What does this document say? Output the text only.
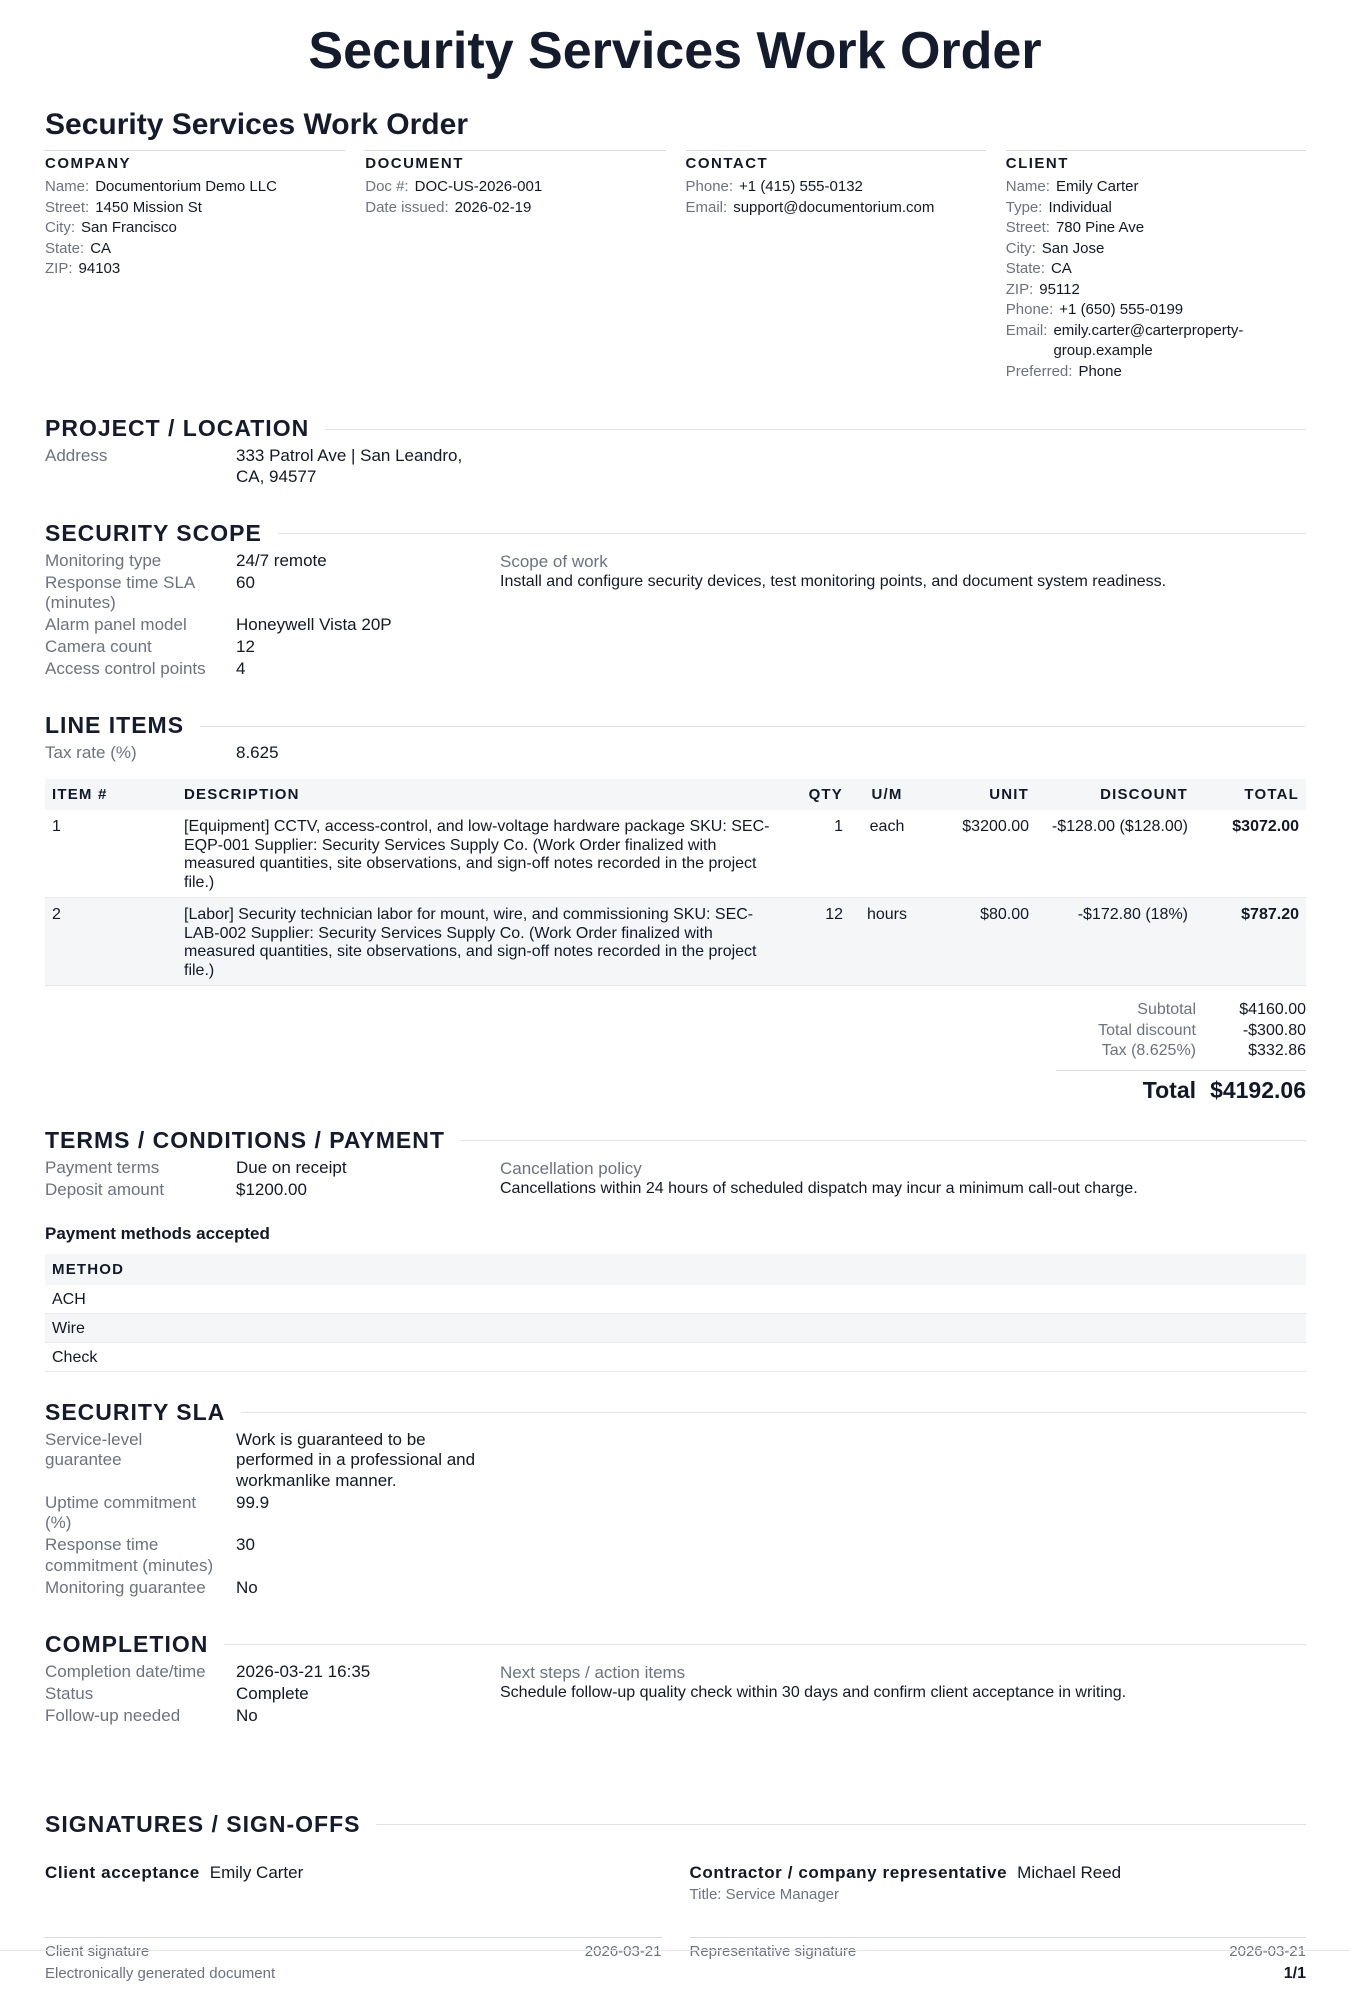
Security Services Work Order
Security Services Work Order
COMPANY
Name: Documentorium Demo LLC
Street: 1450 Mission St
City: San Francisco
State: CA
ZIP: 94103
DOCUMENT
Doc #: DOC-US-2026-001
Date issued: 2026-02-19
CONTACT
Phone: +1 (415) 555-0132
Email: support@documentorium.com
CLIENT
Name: Emily Carter
Type: Individual
Street: 780 Pine Ave
City: San Jose
State: CA
ZIP: 95112
Phone: +1 (650) 555-0199
Email: emily.carter@carterproperty-group.example
Preferred: Phone
PROJECT / LOCATION
Address	333 Patrol Ave | San Leandro, CA, 94577
SECURITY SCOPE
Monitoring type	24/7 remote
Response time SLA (minutes)
60
Alarm panel model	Honeywell Vista 20P
Camera count	12
Access control points	4
Scope of work
Install and configure security devices, test monitoring points, and document system readiness.
LINE ITEMS
Tax rate (%)	8.625
ITEM #	DESCRIPTION	QTY	U/M	UNIT	DISCOUNT	TOTAL
1	[Equipment] CCTV, access-control, and low-voltage hardware package SKU: SEC-EQP-001 Supplier: Security Services Supply Co. (Work Order finalized with measured quantities, site observations, and sign-off notes recorded in the project file.)	1	each	$3200.00	-$128.00 ($128.00)	$3072.00
2	[Labor] Security technician labor for mount, wire, and commissioning SKU: SEC-LAB-002 Supplier: Security Services Supply Co. (Work Order finalized with measured quantities, site observations, and sign-off notes recorded in the project file.)	12	hours	$80.00	-$172.80 (18%)	$787.20
Subtotal	$4160.00
Total discount	-$300.80
Tax (8.625%)	$332.86
Total $4192.06
TERMS / CONDITIONS / PAYMENT
Payment terms	Due on receipt
Deposit amount	$1200.00
Cancellation policy
Cancellations within 24 hours of scheduled dispatch may incur a minimum call-out charge.
Payment methods accepted
METHOD
ACH
Wire
Check
SECURITY SLA
Service-level guarantee
Work is guaranteed to be performed in a professional and workmanlike manner.
Uptime commitment (%)
99.9
Response time commitment (minutes)
30
Monitoring guarantee	No
COMPLETION
Completion date/time	2026-03-21 16:35
Status	Complete
Follow-up needed	No
Next steps / action items
Schedule follow-up quality check within 30 days and confirm client acceptance in writing.
SIGNATURES / SIGN-OFFS
Client acceptance Emily Carter

Client signature	2026-03-21
Contractor / company representative Michael Reed
Title: Service Manager
Representative signature	2026-03-21
Electronically generated document	1/1
